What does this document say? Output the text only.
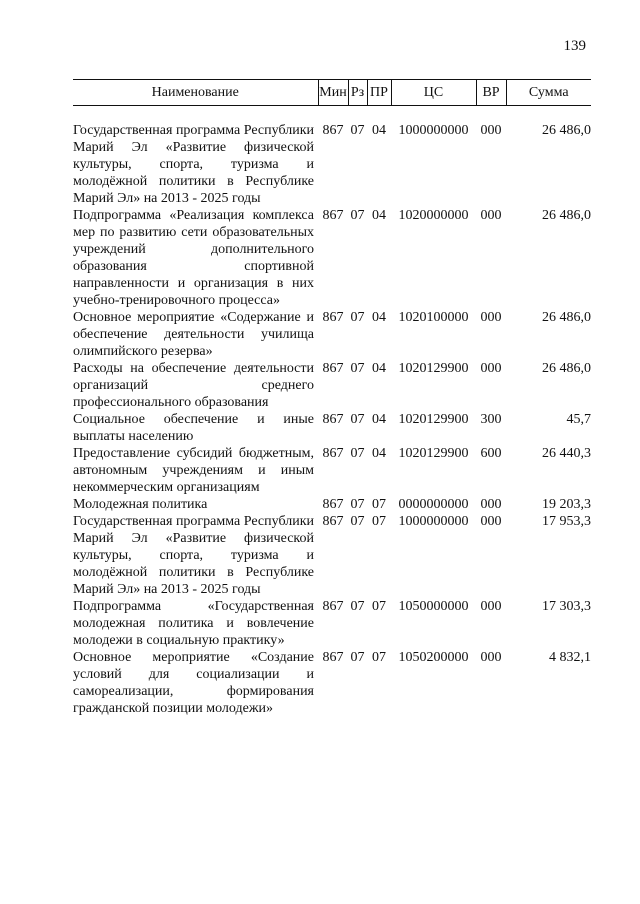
139
Наименование	Мин	Рз	ПР	ЦС	ВР	Сумма

Государственная программа Республики Марий Эл «Развитие физической культуры, спорта, туризма и молодёжной политики в Республике Марий Эл» на 2013 - 2025 годы	867	07	04	1000000000	000	26 486,0
Подпрограмма «Реализация комплекса мер по развитию сети образовательных учреждений дополнительного образования спортивной направленности и организация в них учебно-тренировочного процесса»	867	07	04	1020000000	000	26 486,0
Основное мероприятие «Содержание и обеспечение деятельности училища олимпийского резерва»	867	07	04	1020100000	000	26 486,0
Расходы на обеспечение деятельности организаций среднего профессионального образования	867	07	04	1020129900	000	26 486,0
Социальное обеспечение и иные выплаты населению	867	07	04	1020129900	300	45,7
Предоставление субсидий бюджетным, автономным учреждениям и иным некоммерческим организациям	867	07	04	1020129900	600	26 440,3
Молодежная политика	867	07	07	0000000000	000	19 203,3
Государственная программа Республики Марий Эл «Развитие физической культуры, спорта, туризма и молодёжной политики в Республике Марий Эл» на 2013 - 2025 годы	867	07	07	1000000000	000	17 953,3
Подпрограмма «Государственная молодежная политика и вовлечение молодежи в социальную практику»	867	07	07	1050000000	000	17 303,3
Основное мероприятие «Создание условий для социализации и самореализации, формирования гражданской позиции молодежи»	867	07	07	1050200000	000	4 832,1
